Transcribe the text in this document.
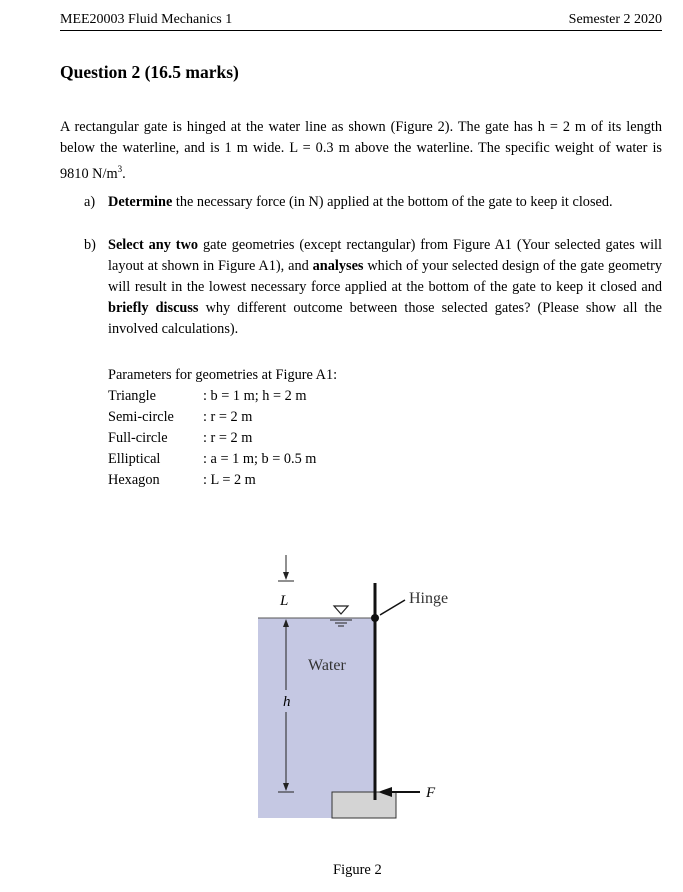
MEE20003 Fluid Mechanics 1	Semester 2 2020
Question 2 (16.5 marks)
A rectangular gate is hinged at the water line as shown (Figure 2). The gate has h = 2 m of its length below the waterline, and is 1 m wide. L = 0.3 m above the waterline. The specific weight of water is 9810 $N/m^3$.
a) Determine the necessary force (in N) applied at the bottom of the gate to keep it closed.
b) Select any two gate geometries (except rectangular) from Figure A1 (Your selected gates will layout at shown in Figure A1), and analyses which of your selected design of the gate geometry will result in the lowest necessary force applied at the bottom of the gate to keep it closed and briefly discuss why different outcome between those selected gates? (Please show all the involved calculations).
Parameters for geometries at Figure A1:
Triangle	: b = 1 m; h = 2 m
Semi-circle	: r = 2 m
Full-circle	: r = 2 m
Elliptical	: a = 1 m; b = 0.5 m
Hexagon	: L = 2 m
L
h
Water
Hinge
F
Figure 2
